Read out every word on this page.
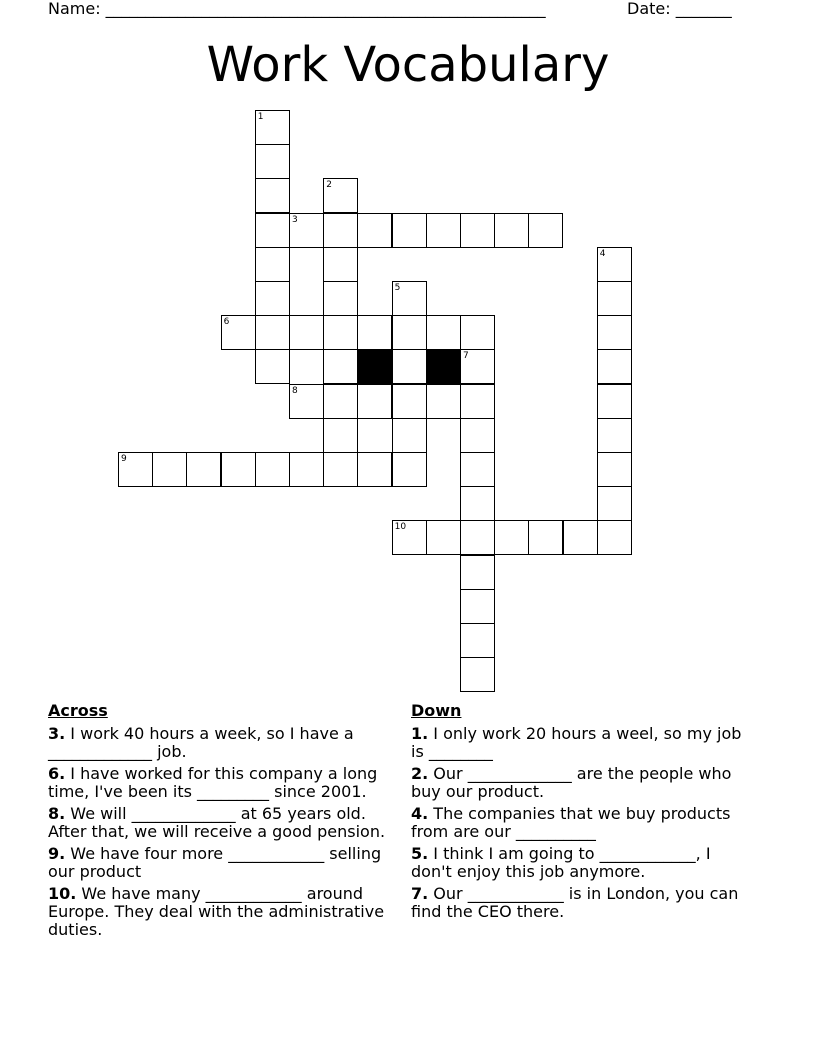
Name: _______________________________________________________	Date: _______
Work Vocabulary
1
2
3
4
5
6
7
8
9
10
Across
3. I work 40 hours a week, so I have a _____________ job.
6. I have worked for this company a long time, I've been its _________ since 2001.
8. We will _____________ at 65 years old. After that, we will receive a good pension.
9. We have four more ____________ selling our product
10. We have many ____________ around Europe. They deal with the administrative duties.
Down
1. I only work 20 hours a weel, so my job is ________
2. Our _____________ are the people who buy our product.
4. The companies that we buy products from are our __________
5. I think I am going to ____________, I don't enjoy this job anymore.
7. Our ____________ is in London, you can find the CEO there.
